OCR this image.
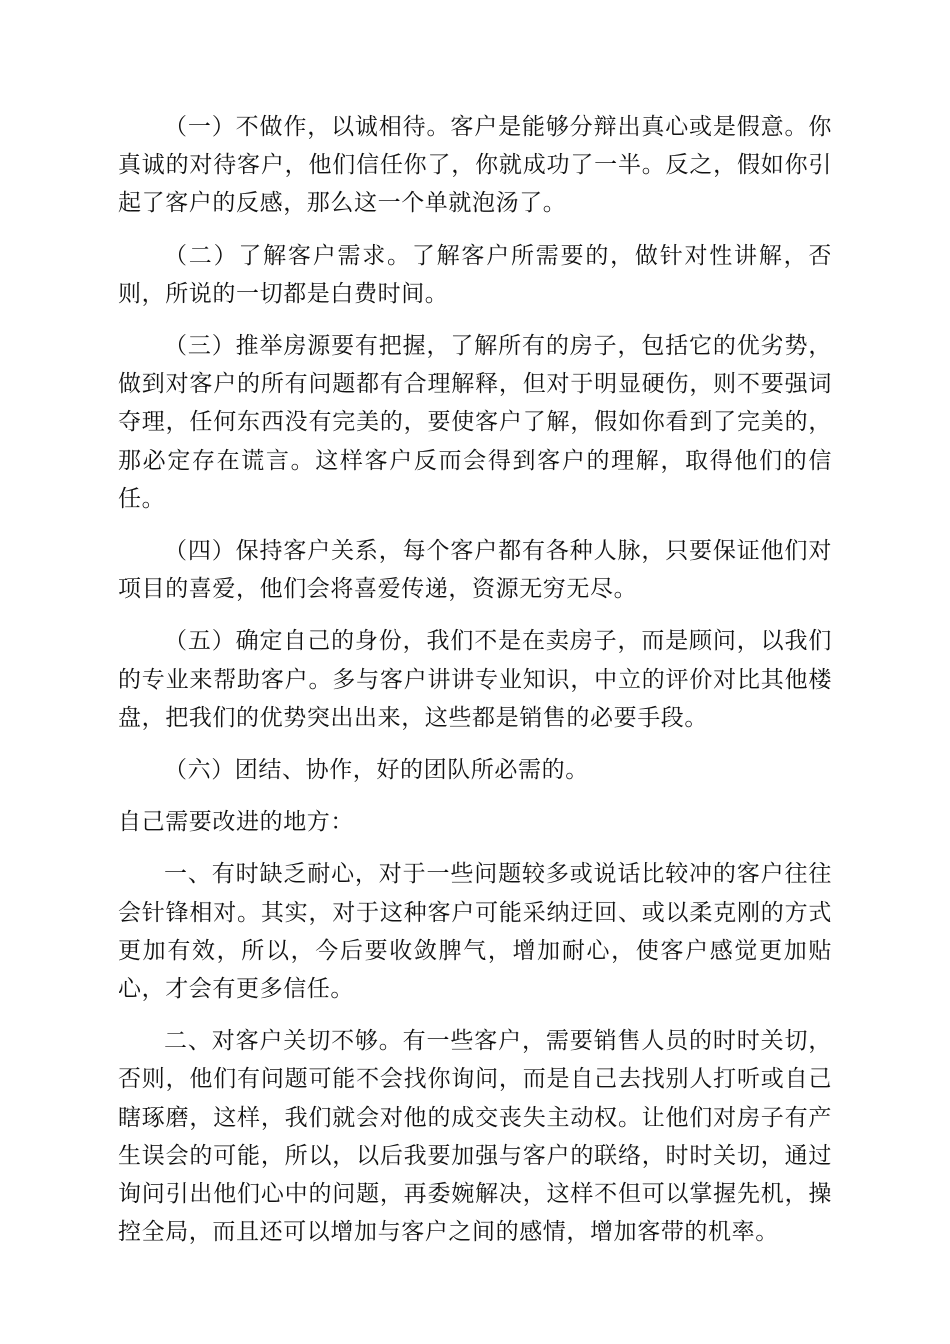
（一）不做作，以诚相待。客户是能够分辩出真心或是假意。你真诚的对待客户，他们信任你了，你就成功了一半。反之，假如你引起了客户的反感，那么这一个单就泡汤了。

（二）了解客户需求。了解客户所需要的，做针对性讲解，否则，所说的一切都是白费时间。

（三）推举房源要有把握，了解所有的房子，包括它的优劣势，做到对客户的所有问题都有合理解释，但对于明显硬伤，则不要强词夺理，任何东西没有完美的，要使客户了解，假如你看到了完美的，那必定存在谎言。这样客户反而会得到客户的理解，取得他们的信任。

（四）保持客户关系，每个客户都有各种人脉，只要保证他们对项目的喜爱，他们会将喜爱传递，资源无穷无尽。

（五）确定自己的身份，我们不是在卖房子，而是顾问，以我们的专业来帮助客户。多与客户讲讲专业知识，中立的评价对比其他楼盘，把我们的优势突出出来，这些都是销售的必要手段。

（六）团结、协作，好的团队所必需的。

自己需要改进的地方：

一、有时缺乏耐心，对于一些问题较多或说话比较冲的客户往往会针锋相对。其实，对于这种客户可能采纳迂回、或以柔克刚的方式更加有效，所以，今后要收敛脾气，增加耐心，使客户感觉更加贴心，才会有更多信任。

二、对客户关切不够。有一些客户，需要销售人员的时时关切，否则，他们有问题可能不会找你询问，而是自己去找别人打听或自己瞎琢磨，这样，我们就会对他的成交丧失主动权。让他们对房子有产生误会的可能，所以，以后我要加强与客户的联络，时时关切，通过询问引出他们心中的问题，再委婉解决，这样不但可以掌握先机，操控全局，而且还可以增加与客户之间的感情，增加客带的机率。
